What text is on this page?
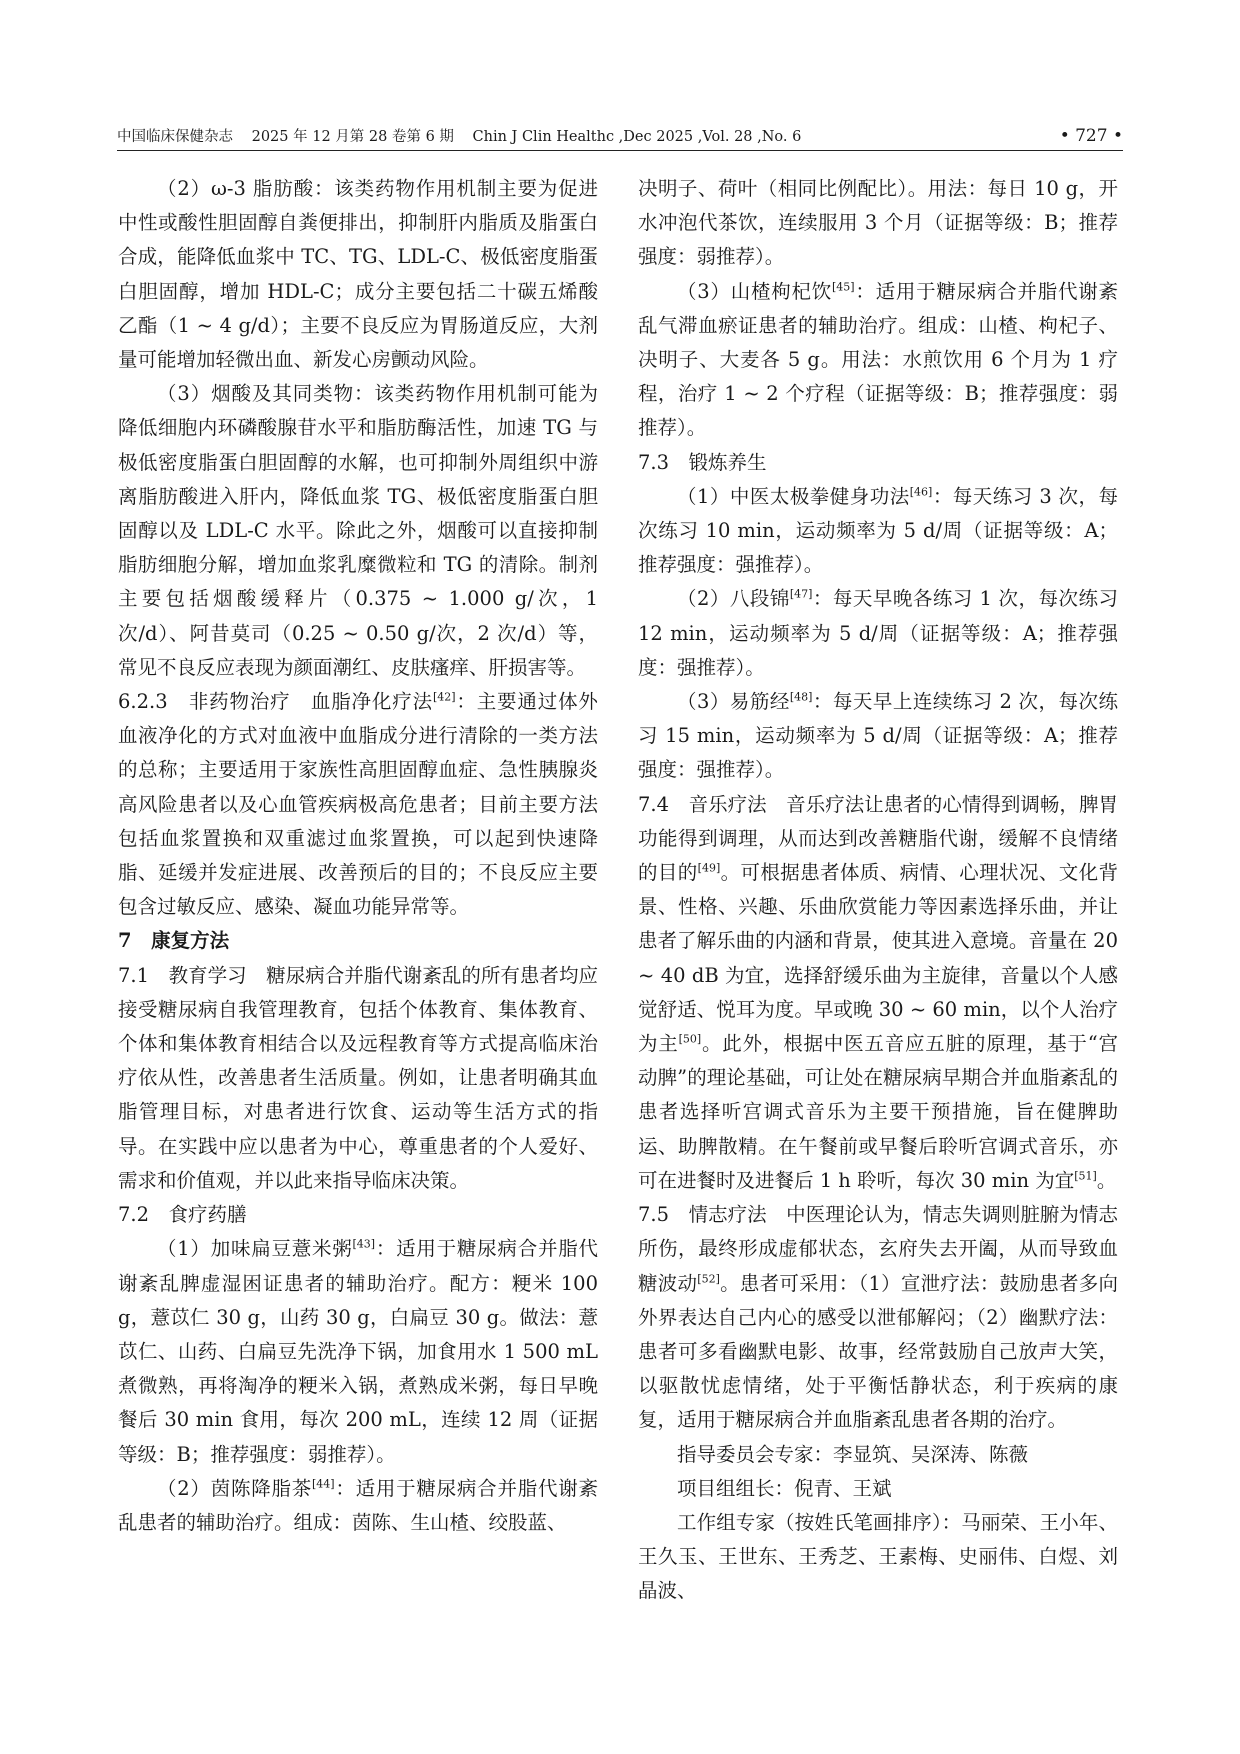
中国临床保健杂志 2025 年 12 月第 28 卷第 6 期 Chin J Clin Healthc ,Dec 2025 ,Vol. 28 ,No. 6	• 727 •

（2）ω-3 脂肪酸：该类药物作用机制主要为促进中性或酸性胆固醇自粪便排出，抑制肝内脂质及脂蛋白合成，能降低血浆中 TC、TG、LDL-C、极低密度脂蛋白胆固醇，增加 HDL-C；成分主要包括二十碳五烯酸乙酯（1 ~ 4 g/d）；主要不良反应为胃肠道反应，大剂量可能增加轻微出血、新发心房颤动风险。

（3）烟酸及其同类物：该类药物作用机制可能为降低细胞内环磷酸腺苷水平和脂肪酶活性，加速 TG 与极低密度脂蛋白胆固醇的水解，也可抑制外周组织中游离脂肪酸进入肝内，降低血浆 TG、极低密度脂蛋白胆固醇以及 LDL-C 水平。除此之外，烟酸可以直接抑制脂肪细胞分解，增加血浆乳糜微粒和 TG 的清除。制剂主要包括烟酸缓释片（0.375 ~ 1.000 g/次，1 次/d）、阿昔莫司（0.25 ~ 0.50 g/次，2 次/d）等，常见不良反应表现为颜面潮红、皮肤瘙痒、肝损害等。

6.2.3　 非药物治疗　 血脂净化疗法[42]：主要通过体外血液净化的方式对血液中血脂成分进行清除的一类方法的总称；主要适用于家族性高胆固醇血症、急性胰腺炎高风险患者以及心血管疾病极高危患者；目前主要方法包括血浆置换和双重滤过血浆置换，可以起到快速降脂、延缓并发症进展、改善预后的目的；不良反应主要包含过敏反应、感染、凝血功能异常等。

7　 康复方法

7.1　 教育学习　 糖尿病合并脂代谢紊乱的所有患者均应接受糖尿病自我管理教育，包括个体教育、集体教育、个体和集体教育相结合以及远程教育等方式提高临床治疗依从性，改善患者生活质量。例如，让患者明确其血脂管理目标，对患者进行饮食、运动等生活方式的指导。在实践中应以患者为中心，尊重患者的个人爱好、需求和价值观，并以此来指导临床决策。

7.2　 食疗药膳

（1）加味扁豆薏米粥[43]：适用于糖尿病合并脂代谢紊乱脾虚湿困证患者的辅助治疗。配方：粳米 100 g，薏苡仁 30 g，山药 30 g，白扁豆 30 g。做法：薏苡仁、山药、白扁豆先洗净下锅，加食用水 1 500 mL 煮微熟，再将淘净的粳米入锅，煮熟成米粥，每日早晚餐后 30 min 食用，每次 200 mL，连续 12 周（证据等级：B；推荐强度：弱推荐）。

（2）茵陈降脂茶[44]：适用于糖尿病合并脂代谢紊乱患者的辅助治疗。组成：茵陈、生山楂、绞股蓝、

决明子、荷叶（相同比例配比）。用法：每日 10 g，开水冲泡代茶饮，连续服用 3 个月（证据等级：B；推荐强度：弱推荐）。

（3）山楂枸杞饮[45]：适用于糖尿病合并脂代谢紊乱气滞血瘀证患者的辅助治疗。组成：山楂、枸杞子、决明子、大麦各 5 g。用法：水煎饮用 6 个月为 1 疗程，治疗 1 ~ 2 个疗程（证据等级：B；推荐强度：弱推荐）。

7.3　 锻炼养生

（1）中医太极拳健身功法[46]：每天练习 3 次，每次练习 10 min，运动频率为 5 d/周（证据等级：A；推荐强度：强推荐）。

（2）八段锦[47]：每天早晚各练习 1 次，每次练习 12 min，运动频率为 5 d/周（证据等级：A；推荐强度：强推荐）。

（3）易筋经[48]：每天早上连续练习 2 次，每次练习 15 min，运动频率为 5 d/周（证据等级：A；推荐强度：强推荐）。

7.4　 音乐疗法　 音乐疗法让患者的心情得到调畅，脾胃功能得到调理，从而达到改善糖脂代谢，缓解不良情绪的目的[49]。可根据患者体质、病情、心理状况、文化背景、性格、兴趣、乐曲欣赏能力等因素选择乐曲，并让患者了解乐曲的内涵和背景，使其进入意境。音量在 20 ~ 40 dB 为宜，选择舒缓乐曲为主旋律，音量以个人感觉舒适、悦耳为度。早或晚 30 ~ 60 min，以个人治疗为主[50]。此外，根据中医五音应五脏的原理，基于“宫动脾”的理论基础，可让处在糖尿病早期合并血脂紊乱的患者选择听宫调式音乐为主要干预措施，旨在健脾助运、助脾散精。在午餐前或早餐后聆听宫调式音乐，亦可在进餐时及进餐后 1 h 聆听，每次 30 min 为宜[51]。

7.5　 情志疗法　 中医理论认为，情志失调则脏腑为情志所伤，最终形成虚郁状态，玄府失去开阖，从而导致血糖波动[52]。患者可采用：（1）宣泄疗法：鼓励患者多向外界表达自己内心的感受以泄郁解闷；（2）幽默疗法：患者可多看幽默电影、故事，经常鼓励自己放声大笑，以驱散忧虑情绪，处于平衡恬静状态，利于疾病的康复，适用于糖尿病合并血脂紊乱患者各期的治疗。

指导委员会专家：李显筑、吴深涛、陈薇

项目组组长：倪青、王斌

工作组专家（按姓氏笔画排序）：马丽荣、王小年、王久玉、王世东、王秀芝、王素梅、史丽伟、白煜、刘晶波、
